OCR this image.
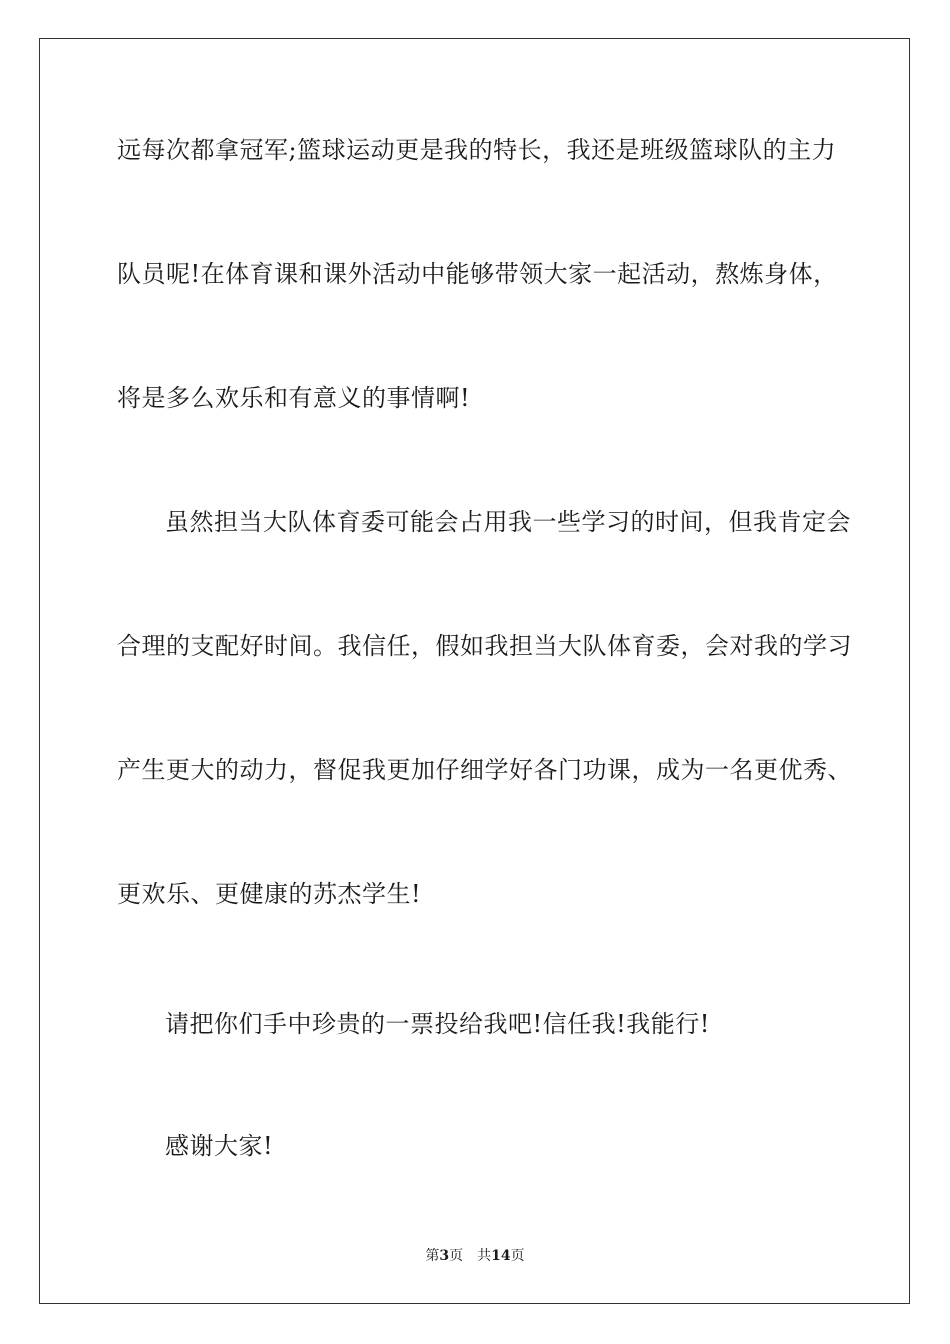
远每次都拿冠军;篮球运动更是我的特长，我还是班级篮球队的主力
队员呢!在体育课和课外活动中能够带领大家一起活动，熬炼身体，
将是多么欢乐和有意义的事情啊!
虽然担当大队体育委可能会占用我一些学习的时间，但我肯定会
合理的支配好时间。我信任，假如我担当大队体育委，会对我的学习
产生更大的动力，督促我更加仔细学好各门功课，成为一名更优秀、
更欢乐、更健康的苏杰学生!
请把你们手中珍贵的一票投给我吧!信任我!我能行!
感谢大家!
第3页 共14页
